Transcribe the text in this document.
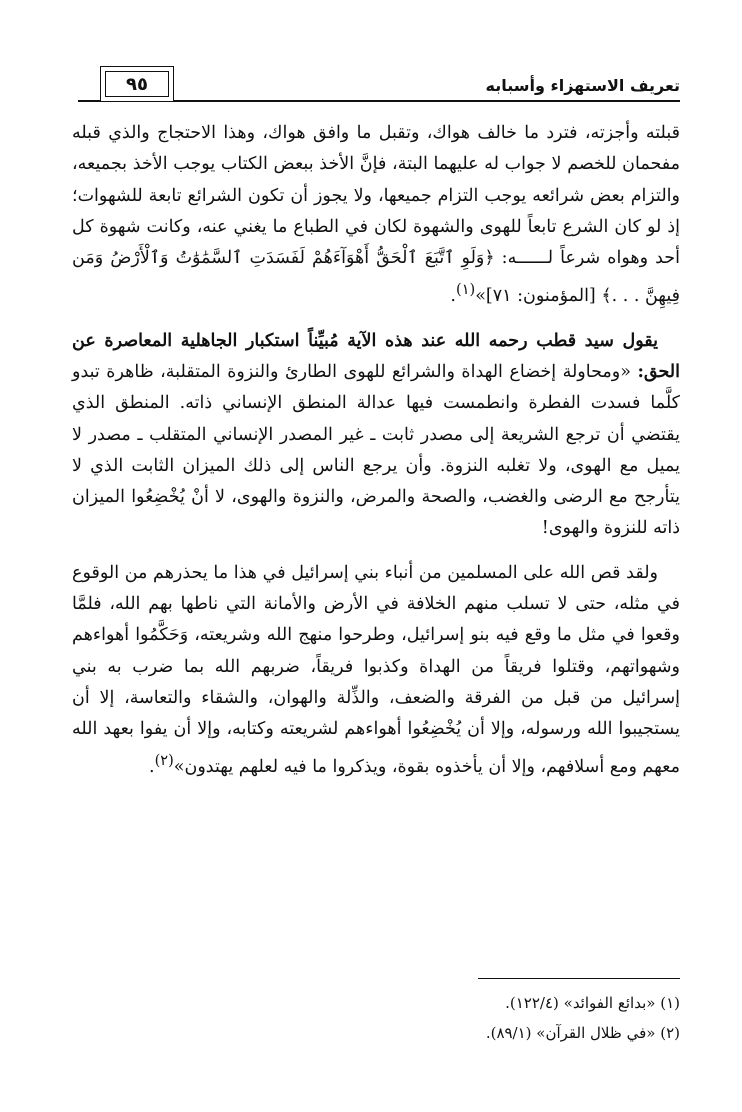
تعريف الاستهزاء وأسبابه
٩٥

قبلته وأجزته، فترد ما خالف هواك، وتقبل ما وافق هواك، وهذا الاحتجاج والذي قبله مفحمان للخصم لا جواب له عليهما البتة، فإنَّ الأخذ ببعض الكتاب يوجب الأخذ بجميعه، والتزام بعض شرائعه يوجب التزام جميعها، ولا يجوز أن تكون الشرائع تابعة للشهوات؛ إذ لو كان الشرع تابعاً للهوى والشهوة لكان في الطباع ما يغني عنه، وكانت شهوة كل أحد وهواه شرعاً لــــــه: ﴿وَلَوِ ٱتَّبَعَ ٱلْحَقُّ أَهْوَآءَهُمْ لَفَسَدَتِ ٱلسَّمَٰوَٰتُ وَٱلْأَرْضُ وَمَن فِيهِنَّ . . .﴾ [المؤمنون: ٧١]»$^{(١)}$.

يقول سيد قطب رحمه الله عند هذه الآية مُبيِّناً استكبار الجاهلية المعاصرة عن الحق: «ومحاولة إخضاع الهداة والشرائع للهوى الطارئ والنزوة المتقلبة، ظاهرة تبدو كلَّما فسدت الفطرة وانطمست فيها عدالة المنطق الإنساني ذاته. المنطق الذي يقتضي أن ترجع الشريعة إلى مصدر ثابت ـ غير المصدر الإنساني المتقلب ـ مصدر لا يميل مع الهوى، ولا تغلبه النزوة. وأن يرجع الناس إلى ذلك الميزان الثابت الذي لا يتأرجح مع الرضى والغضب، والصحة والمرض، والنزوة والهوى، لا أنْ يُخْضِعُوا الميزان ذاته للنزوة والهوى!

ولقد قص الله على المسلمين من أنباء بني إسرائيل في هذا ما يحذرهم من الوقوع في مثله، حتى لا تسلب منهم الخلافة في الأرض والأمانة التي ناطها بهم الله، فلمَّا وقعوا في مثل ما وقع فيه بنو إسرائيل، وطرحوا منهج الله وشريعته، وَحَكَّمُوا أهواءهم وشهواتهم، وقتلوا فريقاً من الهداة وكذبوا فريقاً، ضربهم الله بما ضرب به بني إسرائيل من قبل من الفرقة والضعف، والذِّلة والهوان، والشقاء والتعاسة، إلا أن يستجيبوا الله ورسوله، وإلا أن يُخْضِعُوا أهواءهم لشريعته وكتابه، وإلا أن يفوا بعهد الله معهم ومع أسلافهم، وإلا أن يأخذوه بقوة، ويذكروا ما فيه لعلهم يهتدون»$^{(٢)}$.

(١) «بدائع الفوائد» (١٢٢/٤).
(٢) «في ظلال القرآن» (٨٩/١).
